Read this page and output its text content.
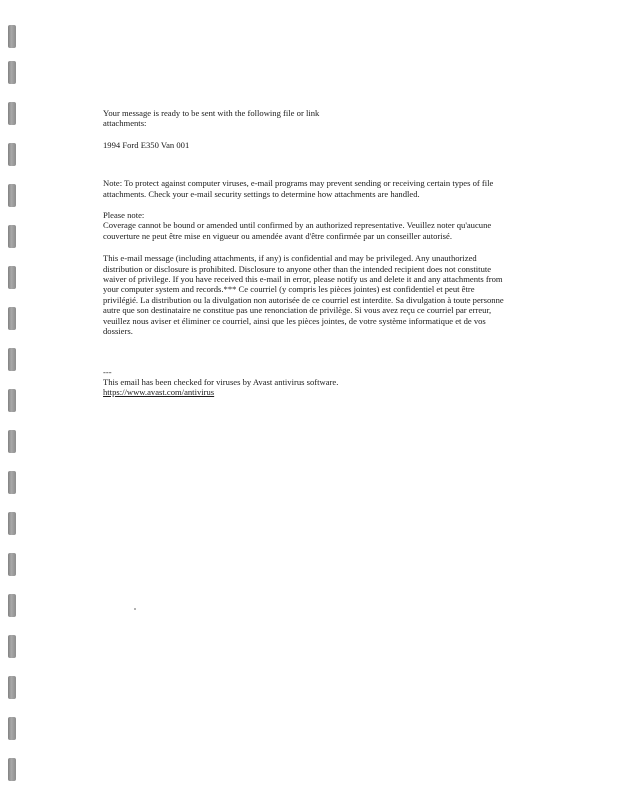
Your message is ready to be sent with the following file or link

attachments:

1994 Ford E350 Van 001

Note: To protect against computer viruses, e-mail programs may prevent sending or receiving certain types of file

attachments. Check your e-mail security settings to determine how attachments are handled.

Please note:

Coverage cannot be bound or amended until confirmed by an authorized representative. Veuillez noter qu'aucune

couverture ne peut être mise en vigueur ou amendée avant d'être confirmée par un conseiller autorisé.

This e-mail message (including attachments, if any) is confidential and may be privileged. Any unauthorized

distribution or disclosure is prohibited. Disclosure to anyone other than the intended recipient does not constitute

waiver of privilege. If you have received this e-mail in error, please notify us and delete it and any attachments from

your computer system and records.*** Ce courriel (y compris les pièces jointes) est confidentiel et peut être

privilégié. La distribution ou la divulgation non autorisée de ce courriel est interdite. Sa divulgation à toute personne

autre que son destinataire ne constitue pas une renonciation de privilège. Si vous avez reçu ce courriel par erreur,

veuillez nous aviser et éliminer ce courriel, ainsi que les pièces jointes, de votre système informatique et de vos

dossiers.

---

This email has been checked for viruses by Avast antivirus software.

https://www.avast.com/antivirus
